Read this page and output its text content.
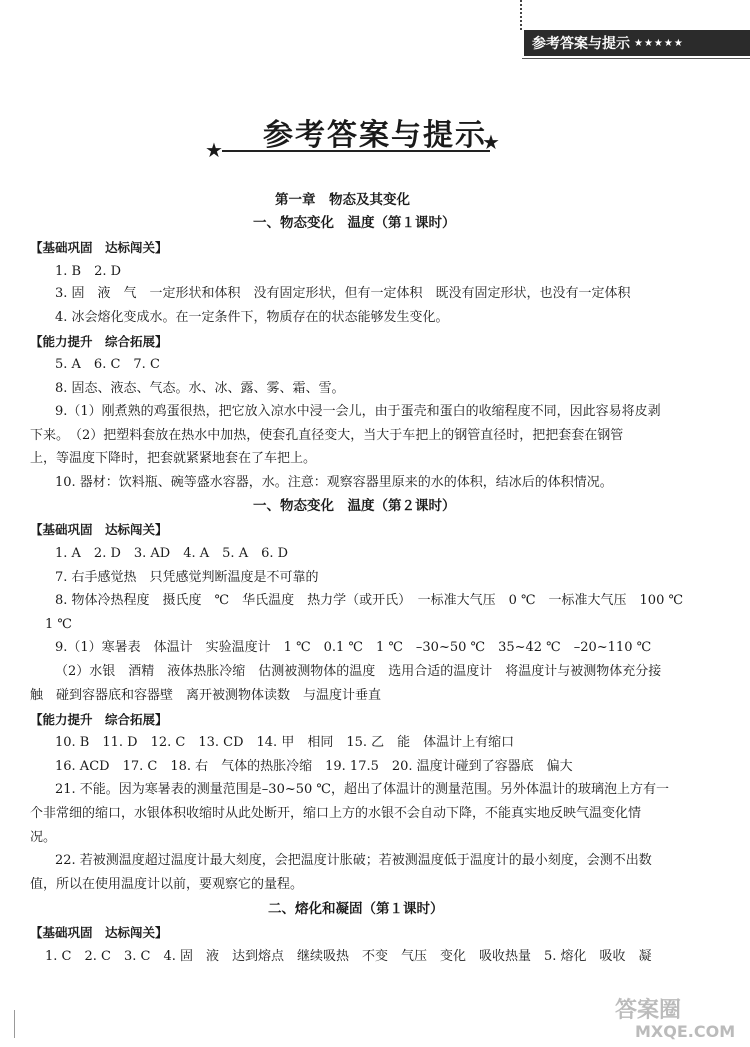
参考答案与提示 ★★★★★
参考答案与提示
★	★
第一章　物态及其变化
一、物态变化　温度（第１课时）
【基础巩固　达标闯关】
1. B　2. D
3. 固　液　气　一定形状和体积　没有固定形状，但有一定体积　既没有固定形状，也没有一定体积
4. 冰会熔化变成水。在一定条件下，物质存在的状态能够发生变化。
【能力提升　综合拓展】
5. A　6. C　7. C
8. 固态、液态、气态。水、冰、露、雾、霜、雪。
9.（1）刚煮熟的鸡蛋很热，把它放入凉水中浸一会儿，由于蛋壳和蛋白的收缩程度不同，因此容易将皮剥
下来。　（2）把塑料套放在热水中加热，使套孔直径变大，当大于车把上的钢管直径时，把把套套在钢管
上，等温度下降时，把套就紧紧地套在了车把上。
10. 器材：饮料瓶、碗等盛水容器，水。注意：观察容器里原来的水的体积，结冰后的体积情况。
一、物态变化　温度（第２课时）
【基础巩固　达标闯关】
1. A　2. D　3. AD　4. A　5. A　6. D
7. 右手感觉热　只凭感觉判断温度是不可靠的
8. 物体冷热程度　摄氏度　℃　华氏温度　热力学（或开氏）　一标准大气压　0 ℃　一标准大气压　100 ℃
1 ℃
9.（1）寒暑表　体温计　实验温度计　1 ℃　0.1 ℃　1 ℃　–30~50 ℃　35~42 ℃　–20~110 ℃
（2）水银　酒精　液体热胀冷缩　估测被测物体的温度　选用合适的温度计　将温度计与被测物体充分接
触　碰到容器底和容器壁　离开被测物体读数　与温度计垂直
【能力提升　综合拓展】
10. B　11. D　12. C　13. CD　14. 甲　相同　15. 乙　能　体温计上有缩口
16. ACD　17. C　18. 右　气体的热胀冷缩　19. 17.5　20. 温度计碰到了容器底　偏大
21. 不能。因为寒暑表的测量范围是–30~50 ℃，超出了体温计的测量范围。另外体温计的玻璃泡上方有一
个非常细的缩口，水银体积收缩时从此处断开，缩口上方的水银不会自动下降，不能真实地反映气温变化情
况。
22. 若被测温度超过温度计最大刻度，会把温度计胀破；若被测温度低于温度计的最小刻度，会测不出数
值，所以在使用温度计以前，要观察它的量程。
二、熔化和凝固（第１课时）
【基础巩固　达标闯关】
1. C　2. C　3. C　4. 固　液　达到熔点　继续吸热　不变　气压　变化　吸收热量　5. 熔化　吸收　凝
答案圈
MXQE.COM
